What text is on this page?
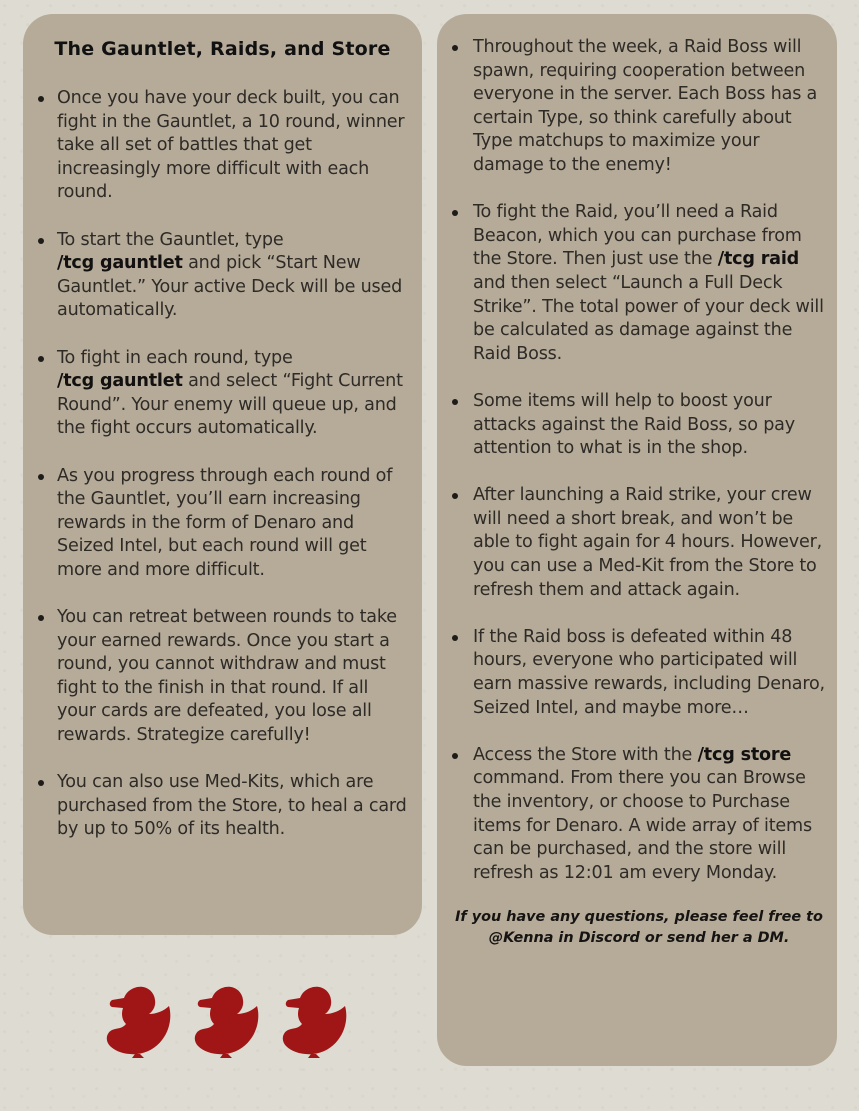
The Gauntlet, Raids, and Store
Once you have your deck built, you can fight in the Gauntlet, a 10 round, winner take all set of battles that get increasingly more difficult with each round.
To start the Gauntlet, type
/tcg gauntlet and pick “Start New Gauntlet.” Your active Deck will be used automatically.
To fight in each round, type
/tcg gauntlet and select “Fight Current Round”. Your enemy will queue up, and the fight occurs automatically.
As you progress through each round of the Gauntlet, you’ll earn increasing rewards in the form of Denaro and Seized Intel, but each round will get more and more difficult.
You can retreat between rounds to take your earned rewards. Once you start a round, you cannot withdraw and must fight to the finish in that round. If all your cards are defeated, you lose all rewards. Strategize carefully!
You can also use Med-Kits, which are purchased from the Store, to heal a card by up to 50% of its health.
Throughout the week, a Raid Boss will spawn, requiring cooperation between everyone in the server. Each Boss has a certain Type, so think carefully about Type matchups to maximize your damage to the enemy!
To fight the Raid, you’ll need a Raid Beacon, which you can purchase from the Store. Then just use the /tcg raid and then select “Launch a Full Deck Strike”. The total power of your deck will be calculated as damage against the Raid Boss.
Some items will help to boost your attacks against the Raid Boss, so pay attention to what is in the shop.
After launching a Raid strike, your crew will need a short break, and won’t be able to fight again for 4 hours. However, you can use a Med-Kit from the Store to refresh them and attack again.
If the Raid boss is defeated within 48 hours, everyone who participated will earn massive rewards, including Denaro, Seized Intel, and maybe more…
Access the Store with the /tcg store command. From there you can Browse the inventory, or choose to Purchase items for Denaro. A wide array of items can be purchased, and the store will refresh as 12:01 am every Monday.
If you have any questions, please feel free to
@Kenna in Discord or send her a DM.
